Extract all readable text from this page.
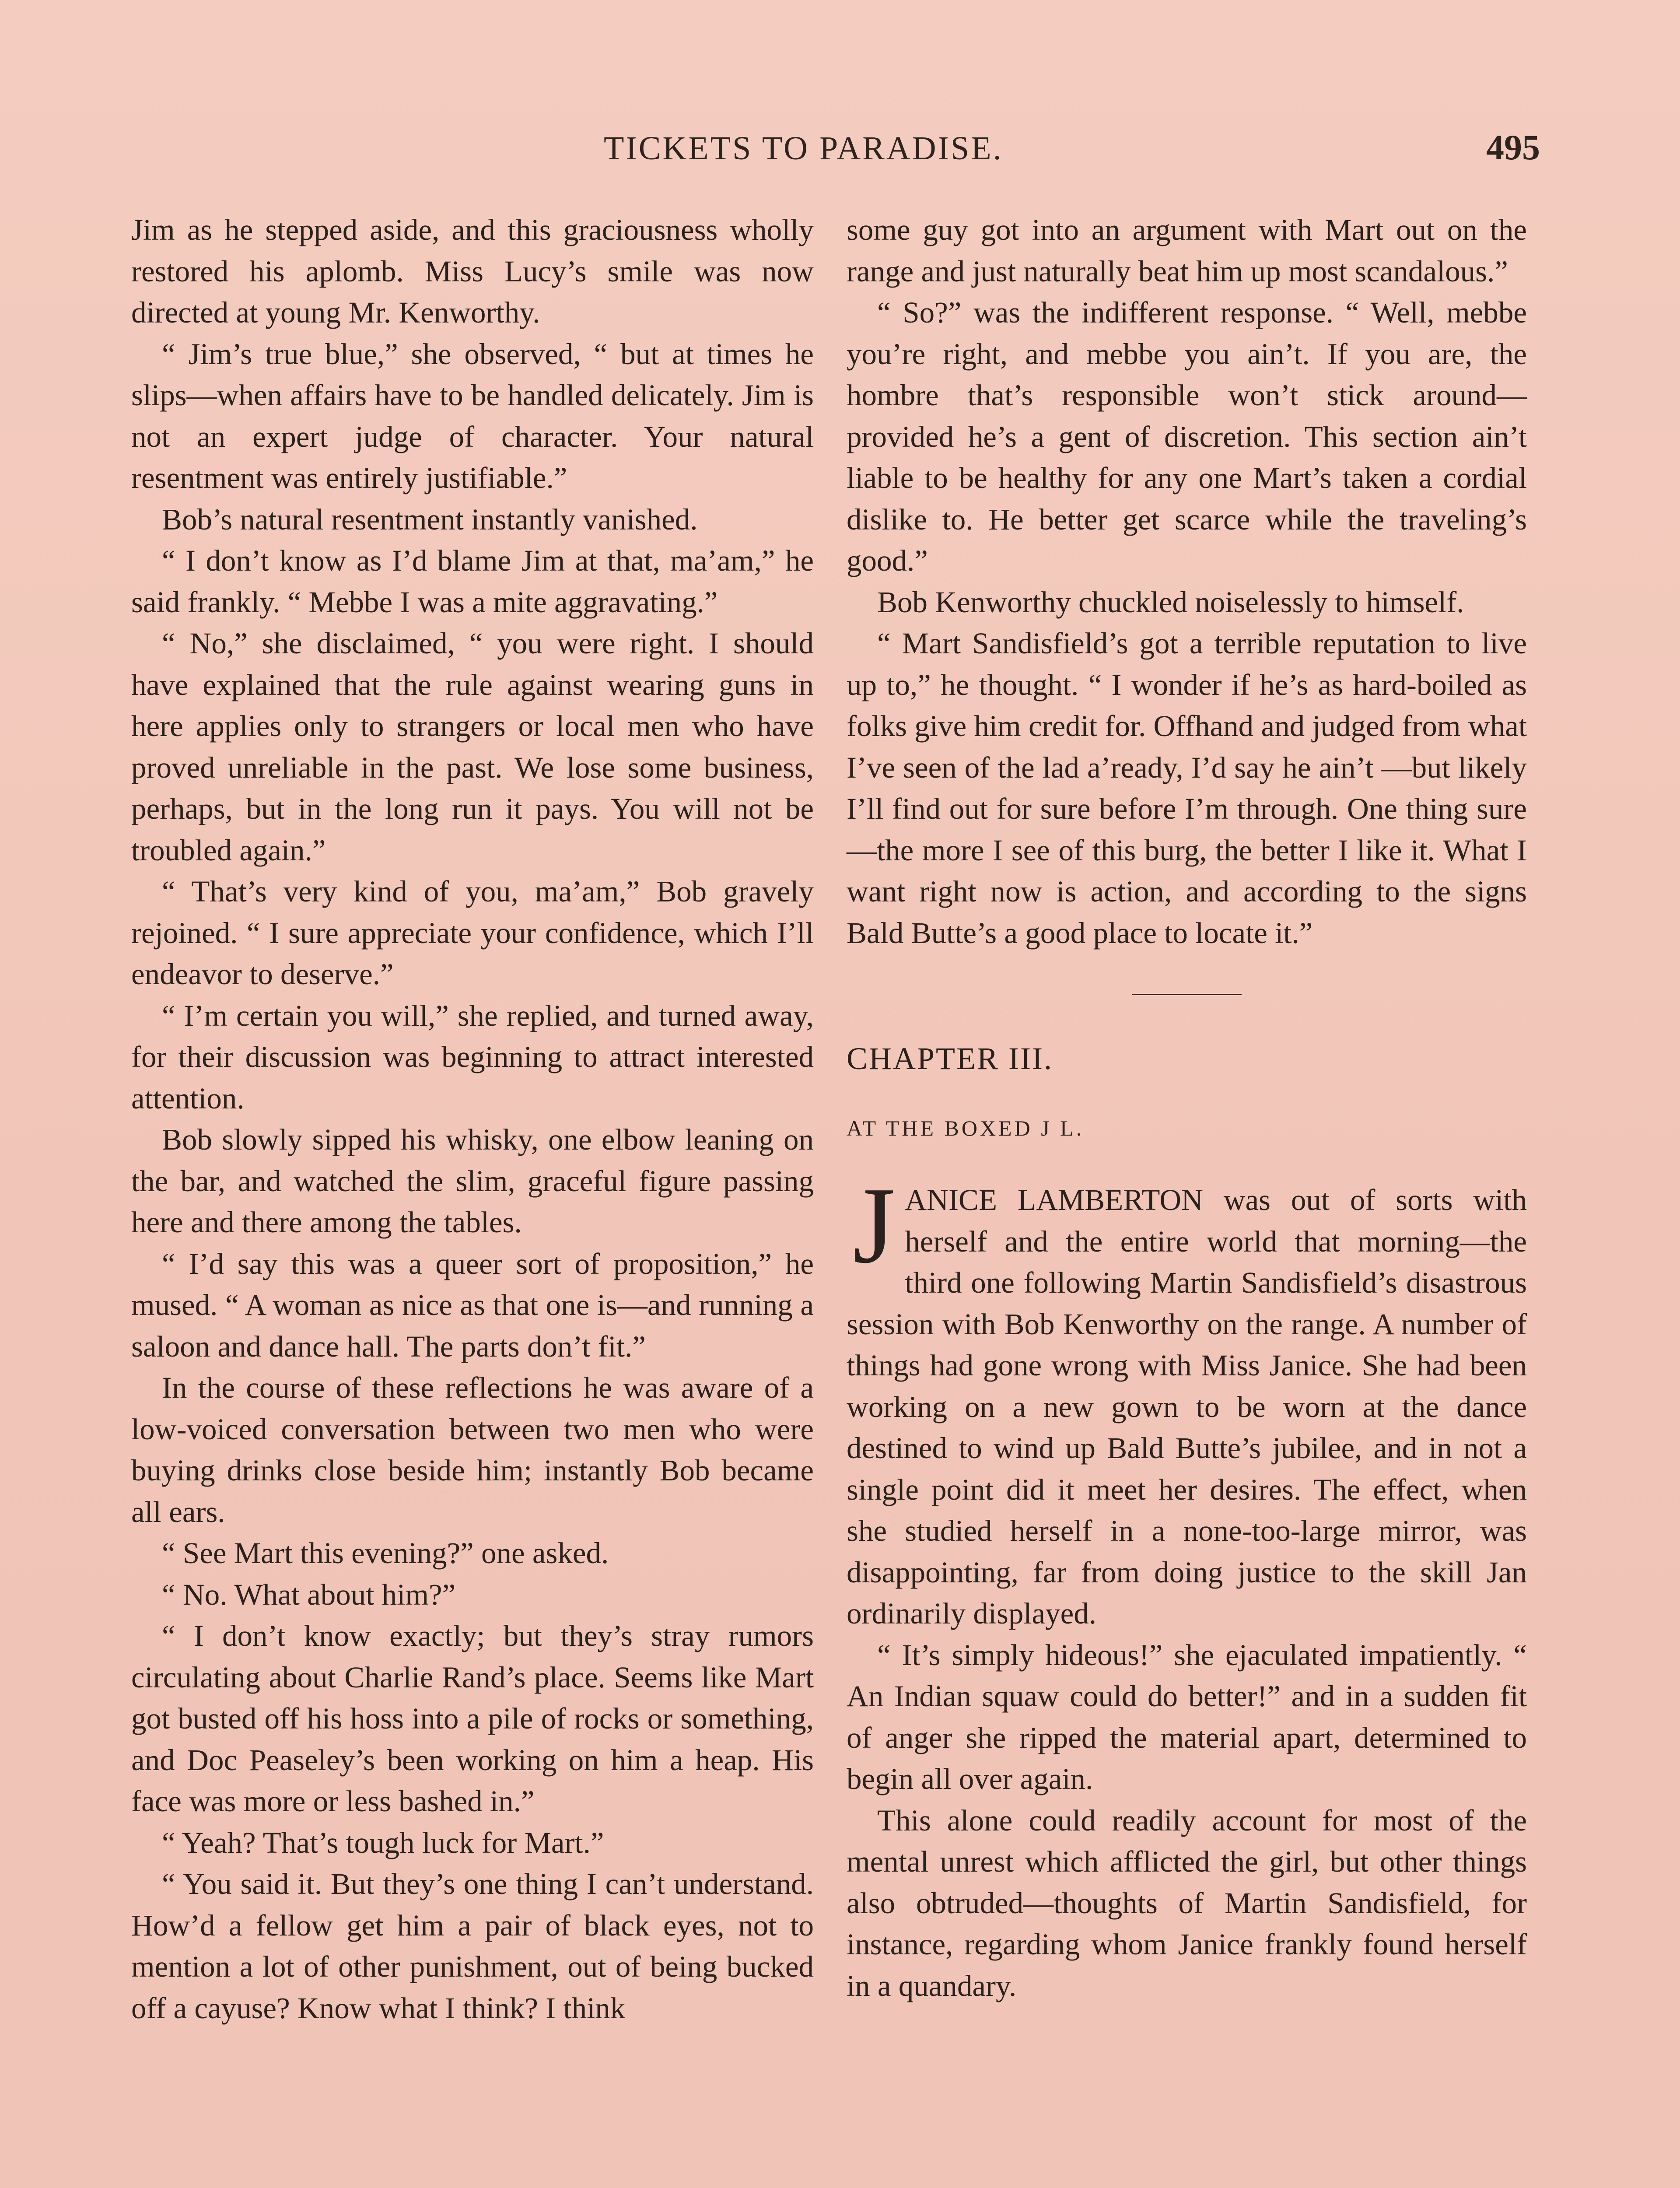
TICKETS TO PARADISE.	495

Jim as he stepped aside, and this graciousness wholly restored his aplomb. Miss Lucy’s smile was now directed at young Mr. Kenworthy.

“ Jim’s true blue,” she observed, “ but at times he slips—when affairs have to be handled delicately. Jim is not an expert judge of character. Your natural resentment was entirely justifiable.”

Bob’s natural resentment instantly vanished.

“ I don’t know as I’d blame Jim at that, ma’am,” he said frankly. “ Mebbe I was a mite aggravating.”

“ No,” she disclaimed, “ you were right. I should have explained that the rule against wearing guns in here applies only to strangers or local men who have proved unreliable in the past. We lose some business, perhaps, but in the long run it pays. You will not be troubled again.”

“ That’s very kind of you, ma’am,” Bob gravely rejoined. “ I sure appreciate your confidence, which I’ll endeavor to deserve.”

“ I’m certain you will,” she replied, and turned away, for their discussion was beginning to attract interested attention.

Bob slowly sipped his whisky, one elbow leaning on the bar, and watched the slim, graceful figure passing here and there among the tables.

“ I’d say this was a queer sort of proposition,” he mused. “ A woman as nice as that one is—and running a saloon and dance hall. The parts don’t fit.”

In the course of these reflections he was aware of a low-voiced conversation between two men who were buying drinks close beside him; instantly Bob became all ears.

“ See Mart this evening?” one asked.

“ No. What about him?”

“ I don’t know exactly; but they’s stray rumors circulating about Charlie Rand’s place. Seems like Mart got busted off his hoss into a pile of rocks or something, and Doc Peaseley’s been working on him a heap. His face was more or less bashed in.”

“ Yeah? That’s tough luck for Mart.”

“ You said it. But they’s one thing I can’t understand. How’d a fellow get him a pair of black eyes, not to mention a lot of other punishment, out of being bucked off a cayuse? Know what I think? I think

some guy got into an argument with Mart out on the range and just naturally beat him up most scandalous.”

“ So?” was the indifferent response. “ Well, mebbe you’re right, and mebbe you ain’t. If you are, the hombre that’s responsible won’t stick around—provided he’s a gent of discretion. This section ain’t liable to be healthy for any one Mart’s taken a cordial dislike to. He better get scarce while the traveling’s good.”

Bob Kenworthy chuckled noiselessly to himself.

“ Mart Sandisfield’s got a terrible reputation to live up to,” he thought. “ I wonder if he’s as hard-boiled as folks give him credit for. Offhand and judged from what I’ve seen of the lad a’ready, I’d say he ain’t —but likely I’ll find out for sure before I’m through. One thing sure—the more I see of this burg, the better I like it. What I want right now is action, and according to the signs Bald Butte’s a good place to locate it.”

CHAPTER III.
AT THE BOXED J L.

JANICE LAMBERTON was out of sorts with herself and the entire world that morning—the third one following Martin Sandisfield’s disastrous session with Bob Kenworthy on the range. A number of things had gone wrong with Miss Janice. She had been working on a new gown to be worn at the dance destined to wind up Bald Butte’s jubilee, and in not a single point did it meet her desires. The effect, when she studied herself in a none-too-large mirror, was disappointing, far from doing justice to the skill Jan ordinarily displayed.

“ It’s simply hideous!” she ejaculated impatiently. “ An Indian squaw could do better!” and in a sudden fit of anger she ripped the material apart, determined to begin all over again.

This alone could readily account for most of the mental unrest which afflicted the girl, but other things also obtruded—thoughts of Martin Sandisfield, for instance, regarding whom Janice frankly found herself in a quandary.
